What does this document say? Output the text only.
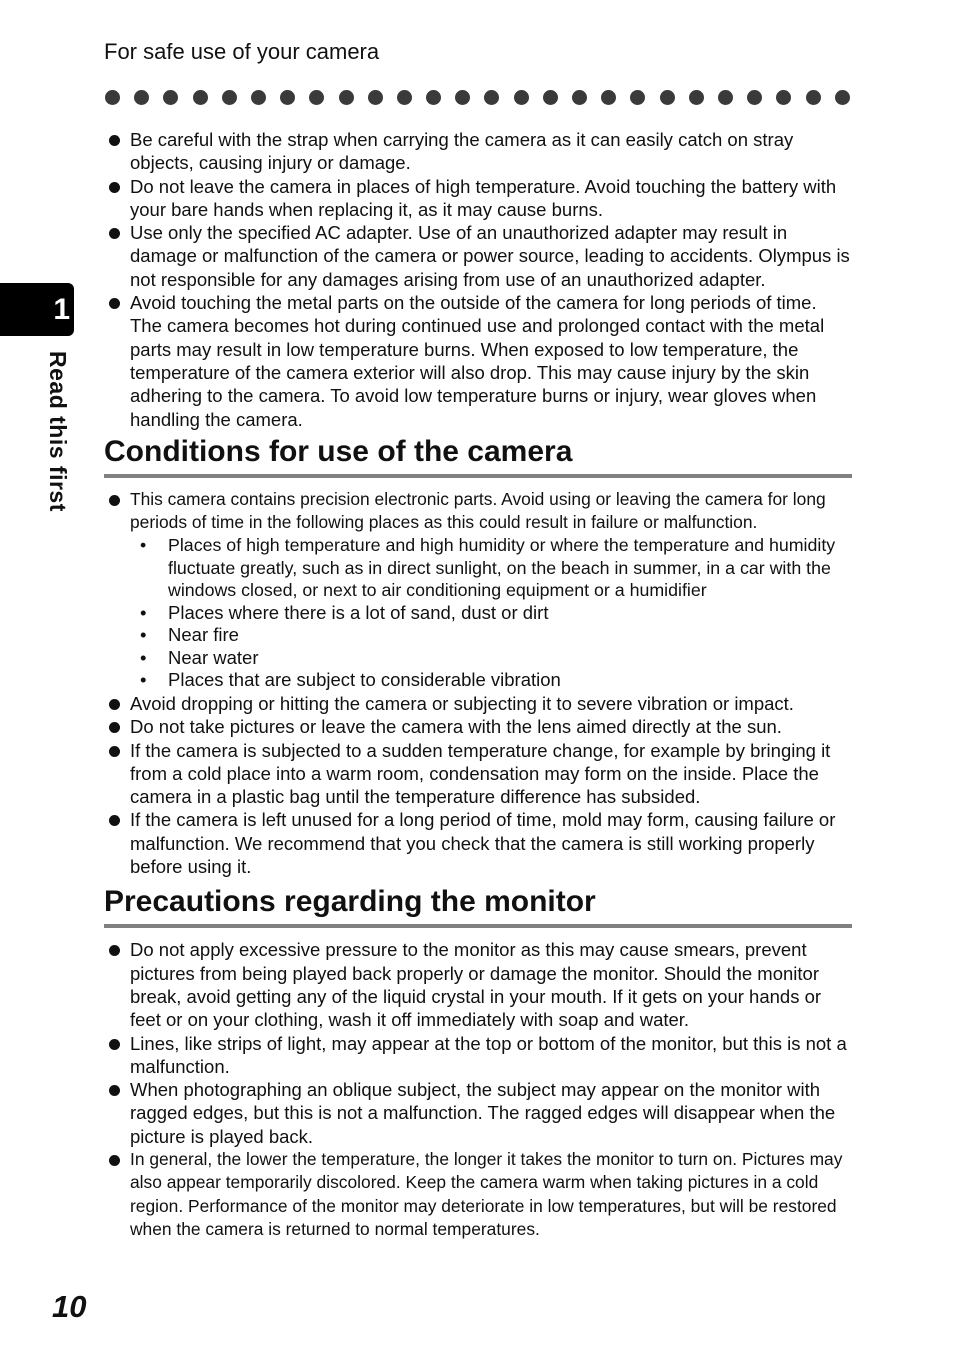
For safe use of your camera
1
Read this first
Be careful with the strap when carrying the camera as it can easily catch on stray objects, causing injury or damage.
Do not leave the camera in places of high temperature. Avoid touching the battery with your bare hands when replacing it, as it may cause burns.
Use only the specified AC adapter. Use of an unauthorized adapter may result in damage or malfunction of the camera or power source, leading to accidents. Olympus is not responsible for any damages arising from use of an unauthorized adapter.
Avoid touching the metal parts on the outside of the camera for long periods of time. The camera becomes hot during continued use and prolonged contact with the metal parts may result in low temperature burns. When exposed to low temperature, the temperature of the camera exterior will also drop. This may cause injury by the skin adhering to the camera. To avoid low temperature burns or injury, wear gloves when handling the camera.
Conditions for use of the camera
This camera contains precision electronic parts. Avoid using or leaving the camera for long periods of time in the following places as this could result in failure or malfunction.
• Places of high temperature and high humidity or where the temperature and humidity fluctuate greatly, such as in direct sunlight, on the beach in summer, in a car with the windows closed, or next to air conditioning equipment or a humidifier
• Places where there is a lot of sand, dust or dirt
• Near fire
• Near water
• Places that are subject to considerable vibration
Avoid dropping or hitting the camera or subjecting it to severe vibration or impact.
Do not take pictures or leave the camera with the lens aimed directly at the sun.
If the camera is subjected to a sudden temperature change, for example by bringing it from a cold place into a warm room, condensation may form on the inside. Place the camera in a plastic bag until the temperature difference has subsided.
If the camera is left unused for a long period of time, mold may form, causing failure or malfunction. We recommend that you check that the camera is still working properly before using it.
Precautions regarding the monitor
Do not apply excessive pressure to the monitor as this may cause smears, prevent pictures from being played back properly or damage the monitor. Should the monitor break, avoid getting any of the liquid crystal in your mouth. If it gets on your hands or feet or on your clothing, wash it off immediately with soap and water.
Lines, like strips of light, may appear at the top or bottom of the monitor, but this is not a malfunction.
When photographing an oblique subject, the subject may appear on the monitor with ragged edges, but this is not a malfunction. The ragged edges will disappear when the picture is played back.
In general, the lower the temperature, the longer it takes the monitor to turn on. Pictures may also appear temporarily discolored. Keep the camera warm when taking pictures in a cold region. Performance of the monitor may deteriorate in low temperatures, but will be restored when the camera is returned to normal temperatures.
10
